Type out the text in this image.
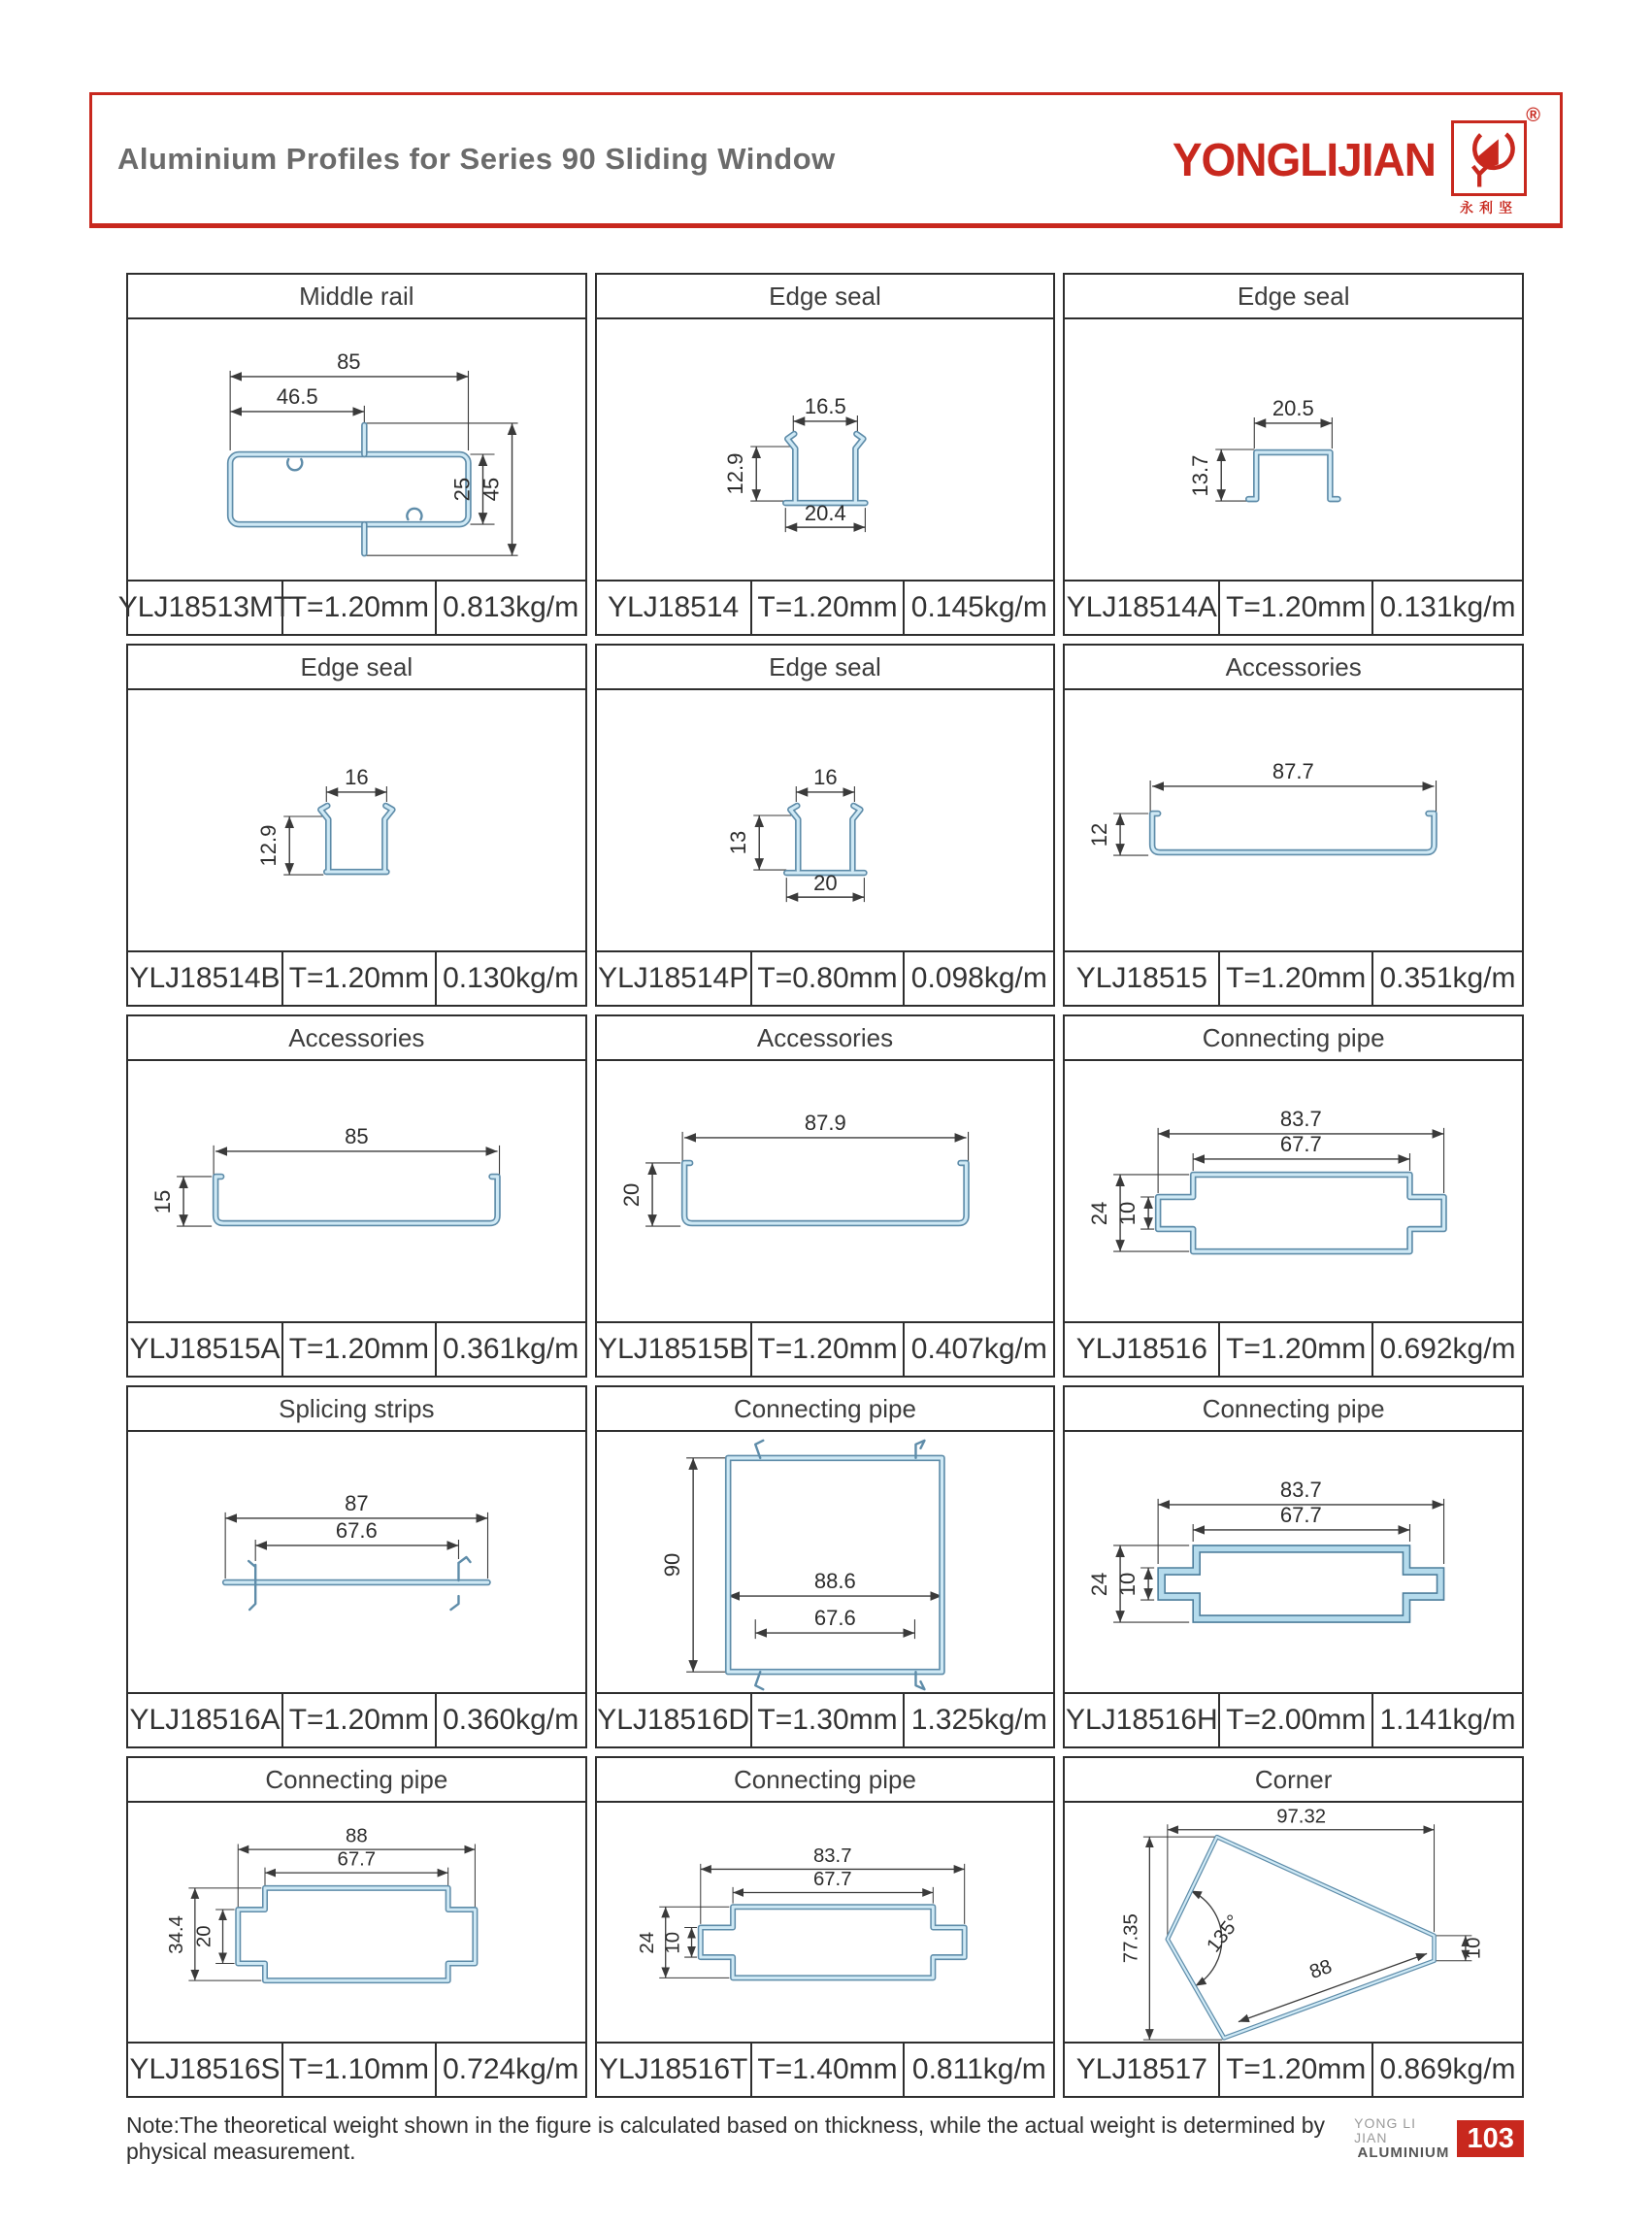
Aluminium Profiles for Series 90 Sliding Window	YONGLIJIAN
®
永利坚
Middle rail
85
46.5
25 45
YLJ18513MT
T=1.20mm 0.813kg/m
Edge seal
16.5
12.9
20.4
YLJ18514 T=1.20mm 0.145kg/m
Edge seal
20.5
13.7
YLJ18514A T=1.20mm 0.131kg/m
Edge seal
16
12.9
YLJ18514B T=1.20mm 0.130kg/m
Edge seal
16
13
20
YLJ18514P T=0.80mm 0.098kg/m
Accessories
87.7
12
YLJ18515 T=1.20mm 0.351kg/m
Accessories
85
15
YLJ18515A T=1.20mm 0.361kg/m
Accessories
87.9
20
YLJ18515B T=1.20mm 0.407kg/m
Connecting pipe
83.7
67.7
24 10
YLJ18516 T=1.20mm 0.692kg/m
Splicing strips
87
67.6
YLJ18516A T=1.20mm 0.360kg/m
Connecting pipe
90
88.6
67.6
YLJ18516D T=1.30mm 1.325kg/m
Connecting pipe
83.7
67.7
24 10
YLJ18516H T=2.00mm 1.141kg/m
Connecting pipe
88
67.7
34.4 20
YLJ18516S T=1.10mm 0.724kg/m
Connecting pipe
83.7
67.7
24 10
YLJ18516T T=1.40mm 0.811kg/m
Corner
97.32
77.35	135°
88
10
YLJ18517 T=1.20mm 0.869kg/m
Note:The theoretical weight shown in the figure is calculated based on thickness, while the actual weight is determined by physical measurement.
YONG LI JIAN
ALUMINIUM 103
